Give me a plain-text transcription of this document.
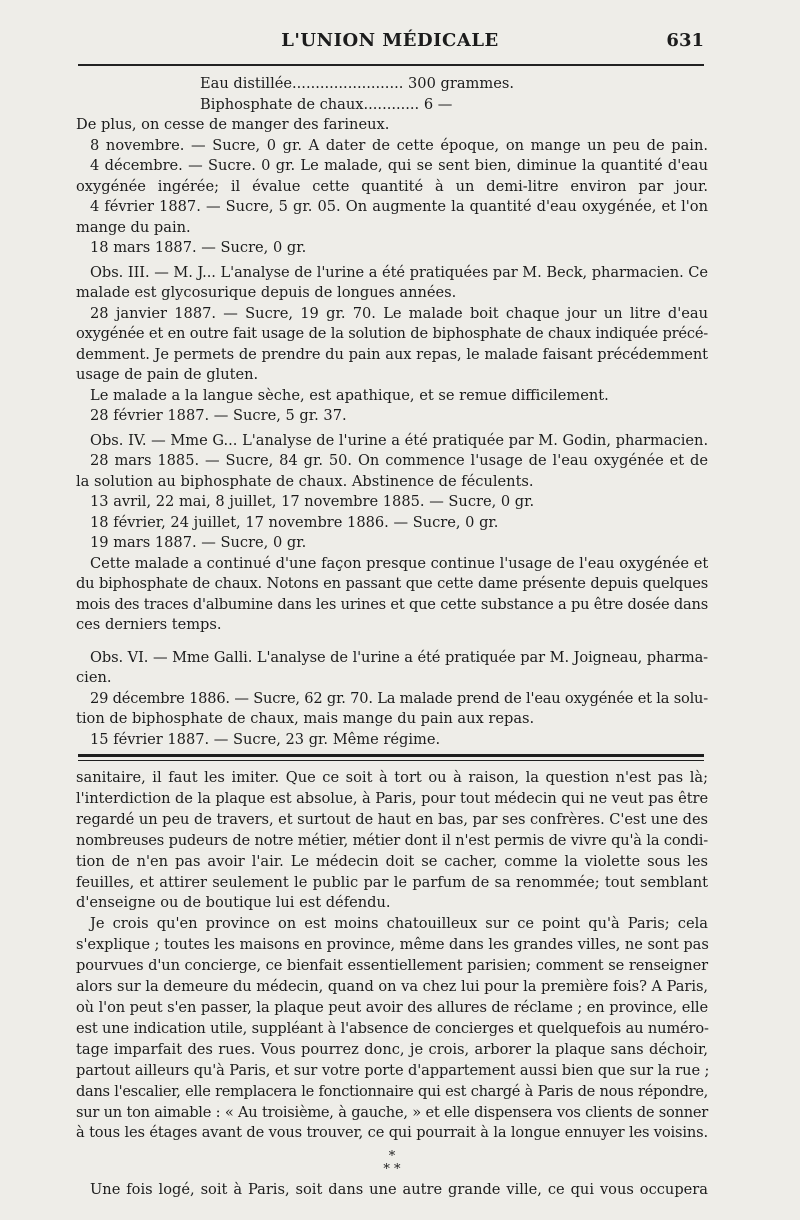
L'UNION MÉDICALE	631
Eau distillée........................ 300 grammes.
Biphosphate de chaux............ 6 —
De plus, on cesse de manger des farineux.
8 novembre. — Sucre, 0 gr. A dater de cette époque, on mange un peu de pain.
4 décembre. — Sucre. 0 gr. Le malade, qui se sent bien, diminue la quantité d'eau
oxygénée ingérée; il évalue cette quantité à un demi-litre environ par jour.
4 février 1887. — Sucre, 5 gr. 05. On augmente la quantité d'eau oxygénée, et l'on
mange du pain.
18 mars 1887. — Sucre, 0 gr.
Obs. III. — M. J... L'analyse de l'urine a été pratiquées par M. Beck, pharmacien. Ce
malade est glycosurique depuis de longues années.
28 janvier 1887. — Sucre, 19 gr. 70. Le malade boit chaque jour un litre d'eau
oxygénée et en outre fait usage de la solution de biphosphate de chaux indiquée précé-
demment. Je permets de prendre du pain aux repas, le malade faisant précédemment
usage de pain de gluten.
Le malade a la langue sèche, est apathique, et se remue difficilement.
28 février 1887. — Sucre, 5 gr. 37.
Obs. IV. — Mme G... L'analyse de l'urine a été pratiquée par M. Godin, pharmacien.
28 mars 1885. — Sucre, 84 gr. 50. On commence l'usage de l'eau oxygénée et de
la solution au biphosphate de chaux. Abstinence de féculents.
13 avril, 22 mai, 8 juillet, 17 novembre 1885. — Sucre, 0 gr.
18 février, 24 juillet, 17 novembre 1886. — Sucre, 0 gr.
19 mars 1887. — Sucre, 0 gr.
Cette malade a continué d'une façon presque continue l'usage de l'eau oxygénée et
du biphosphate de chaux. Notons en passant que cette dame présente depuis quelques
mois des traces d'albumine dans les urines et que cette substance a pu être dosée dans
ces derniers temps.
Obs. VI. — Mme Galli. L'analyse de l'urine a été pratiquée par M. Joigneau, pharma-
cien.
29 décembre 1886. — Sucre, 62 gr. 70. La malade prend de l'eau oxygénée et la solu-
tion de biphosphate de chaux, mais mange du pain aux repas.
15 février 1887. — Sucre, 23 gr. Même régime.
sanitaire, il faut les imiter. Que ce soit à tort ou à raison, la question n'est pas là;
l'interdiction de la plaque est absolue, à Paris, pour tout médecin qui ne veut pas être
regardé un peu de travers, et surtout de haut en bas, par ses confrères. C'est une des
nombreuses pudeurs de notre métier, métier dont il n'est permis de vivre qu'à la condi-
tion de n'en pas avoir l'air. Le médecin doit se cacher, comme la violette sous les
feuilles, et attirer seulement le public par le parfum de sa renommée; tout semblant
d'enseigne ou de boutique lui est défendu.
Je crois qu'en province on est moins chatouilleux sur ce point qu'à Paris; cela
s'explique ; toutes les maisons en province, même dans les grandes villes, ne sont pas
pourvues d'un concierge, ce bienfait essentiellement parisien; comment se renseigner
alors sur la demeure du médecin, quand on va chez lui pour la première fois? A Paris,
où l'on peut s'en passer, la plaque peut avoir des allures de réclame ; en province, elle
est une indication utile, suppléant à l'absence de concierges et quelquefois au numéro-
tage imparfait des rues. Vous pourrez donc, je crois, arborer la plaque sans déchoir,
partout ailleurs qu'à Paris, et sur votre porte d'appartement aussi bien que sur la rue ;
dans l'escalier, elle remplacera le fonctionnaire qui est chargé à Paris de nous répondre,
sur un ton aimable : « Au troisième, à gauche, » et elle dispensera vos clients de sonner
à tous les étages avant de vous trouver, ce qui pourrait à la longue ennuyer les voisins.
*
* *
Une fois logé, soit à Paris, soit dans une autre grande ville, ce qui vous occupera
